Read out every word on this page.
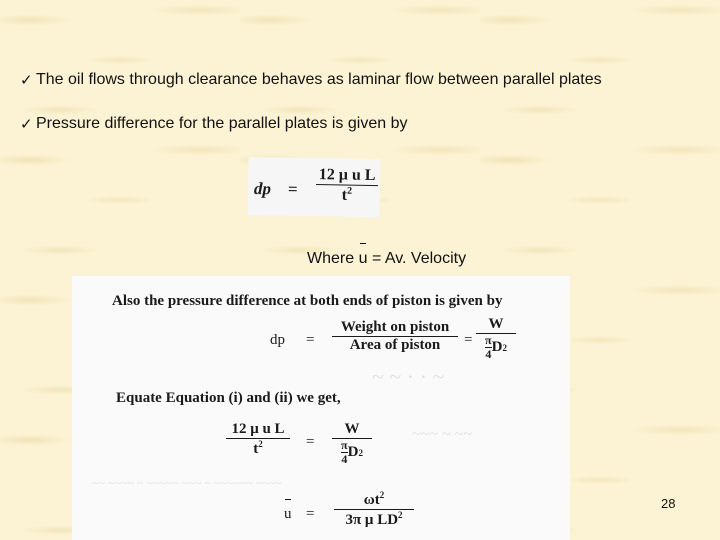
✓ The oil flows through clearance behaves as laminar flow between parallel plates
✓ Pressure difference for the parallel plates is given by
dp = $\frac{\text{12 μ u L}}{t^2}$
Where u = Av. Velocity
~ ~ · · ~
~~~ ~ ~~
~~ ~~~~ ~ ~~~~~ ~~~ ~ ~~~~~~ ~~~~
Also the pressure difference at both ends of piston is given by
dp =
Weight on piston
Area of piston	= W
π
4 D 2
Equate Equation (i) and (ii) we get,
$\frac{\text{12 μ u L}}{t^2} = W$
π
4 D 2
$u = \frac{\omega t^2}{3\pi \mu LD^2}$	28
